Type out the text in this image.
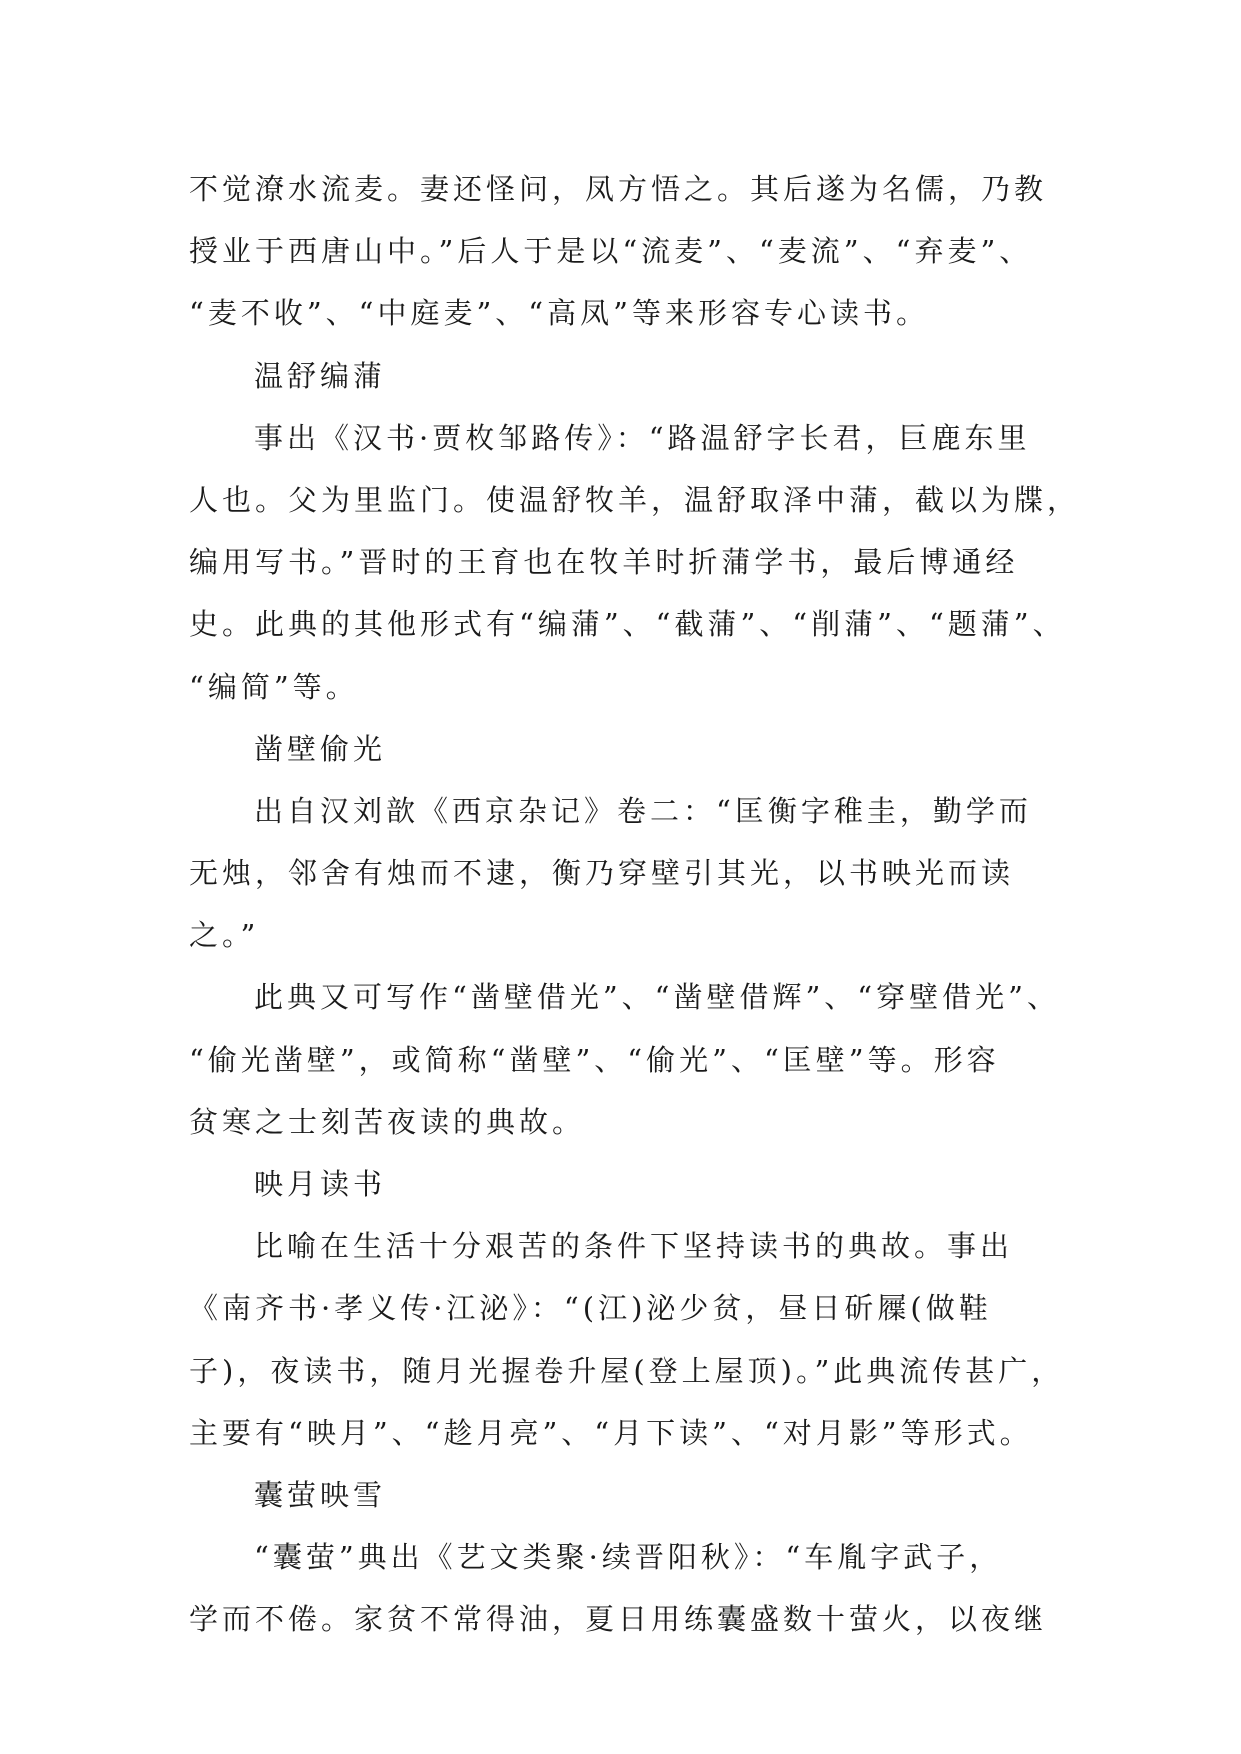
不觉潦水流麦。妻还怪问，凤方悟之。其后遂为名儒，乃教
授业于西唐山中。”后人于是以“流麦”、“麦流”、“弃麦”、
“麦不收”、“中庭麦”、“高凤”等来形容专心读书。
温舒编蒲
事出《汉书·贾枚邹路传》：“路温舒字长君，巨鹿东里
人也。父为里监门。使温舒牧羊，温舒取泽中蒲，截以为牒，
编用写书。”晋时的王育也在牧羊时折蒲学书，最后博通经
史。此典的其他形式有“编蒲”、“截蒲”、“削蒲”、“题蒲”、
“编简”等。
凿壁偷光
出自汉刘歆《西京杂记》卷二：“匡衡字稚圭，勤学而
无烛，邻舍有烛而不逮，衡乃穿壁引其光，以书映光而读
之。”
此典又可写作“凿壁借光”、“凿壁借辉”、“穿壁借光”、
“偷光凿壁”，或简称“凿壁”、“偷光”、“匡壁”等。形容
贫寒之士刻苦夜读的典故。
映月读书
比喻在生活十分艰苦的条件下坚持读书的典故。事出
《南齐书·孝义传·江泌》：“(江)泌少贫，昼日斫屧(做鞋
子)，夜读书，随月光握卷升屋(登上屋顶)。”此典流传甚广，
主要有“映月”、“趁月亮”、“月下读”、“对月影”等形式。
囊萤映雪
“囊萤”典出《艺文类聚·续晋阳秋》：“车胤字武子，
学而不倦。家贫不常得油，夏日用练囊盛数十萤火，以夜继
